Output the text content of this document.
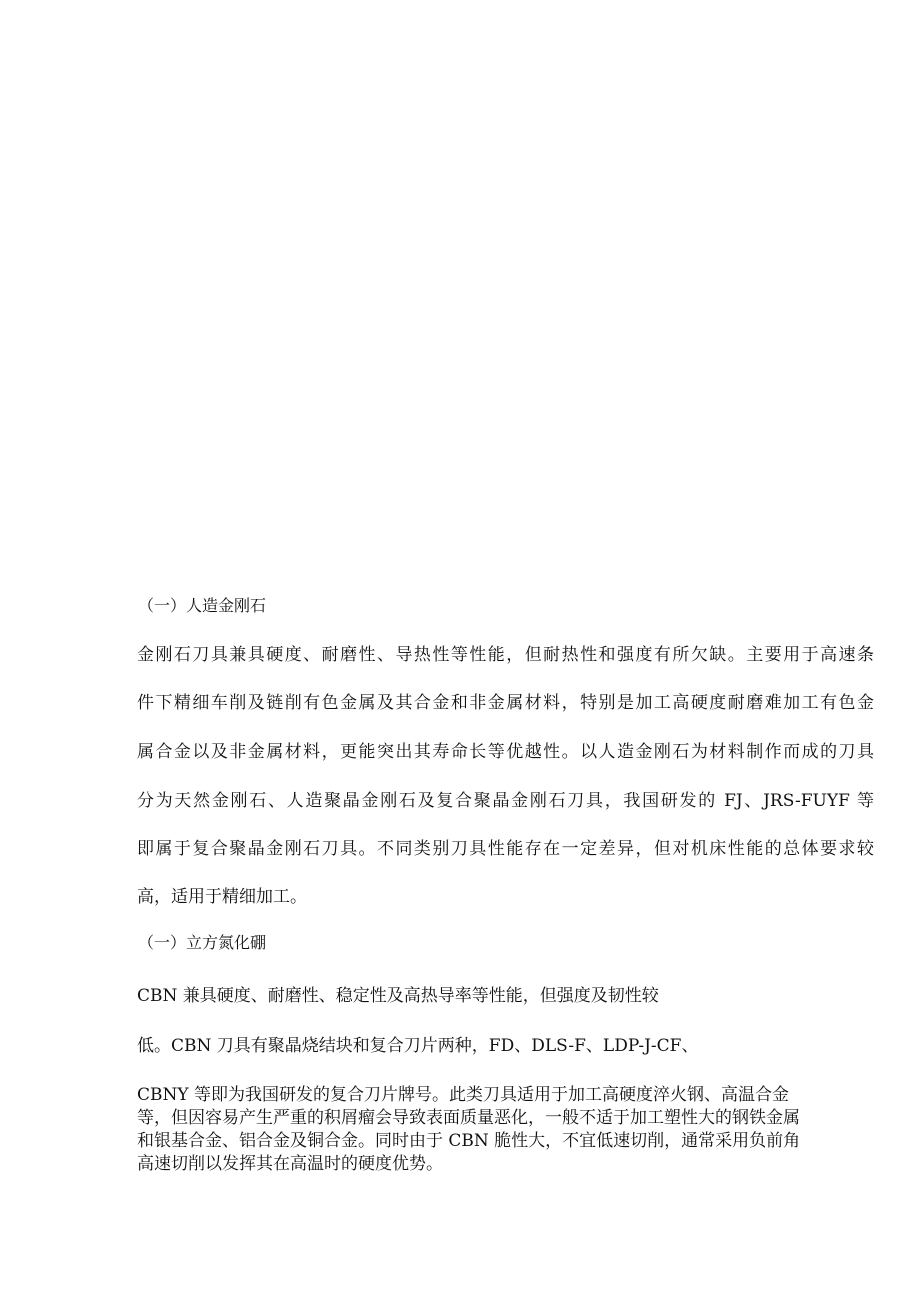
（一）人造金刚石
金刚石刀具兼具硬度、耐磨性、导热性等性能，但耐热性和强度有所欠缺。主要用于高速条
件下精细车削及链削有色金属及其合金和非金属材料，特别是加工高硬度耐磨难加工有色金
属合金以及非金属材料，更能突出其寿命长等优越性。以人造金刚石为材料制作而成的刀具
分为天然金刚石、人造聚晶金刚石及复合聚晶金刚石刀具，我国研发的 FJ、JRS-FUYF 等
即属于复合聚晶金刚石刀具。不同类别刀具性能存在一定差异，但对机床性能的总体要求较
高，适用于精细加工。
（一）立方氮化硼
CBN 兼具硬度、耐磨性、稳定性及高热导率等性能，但强度及韧性较
低。CBN 刀具有聚晶烧结块和复合刀片两种，FD、DLS-F、LDP-J-CF、
CBNY 等即为我国研发的复合刀片牌号。此类刀具适用于加工高硬度淬火钢、高温合金
等，但因容易产生严重的积屑瘤会导致表面质量恶化，一般不适于加工塑性大的钢铁金属
和银基合金、铝合金及铜合金。同时由于 CBN 脆性大，不宜低速切削，通常采用负前角
高速切削以发挥其在高温时的硬度优势。
